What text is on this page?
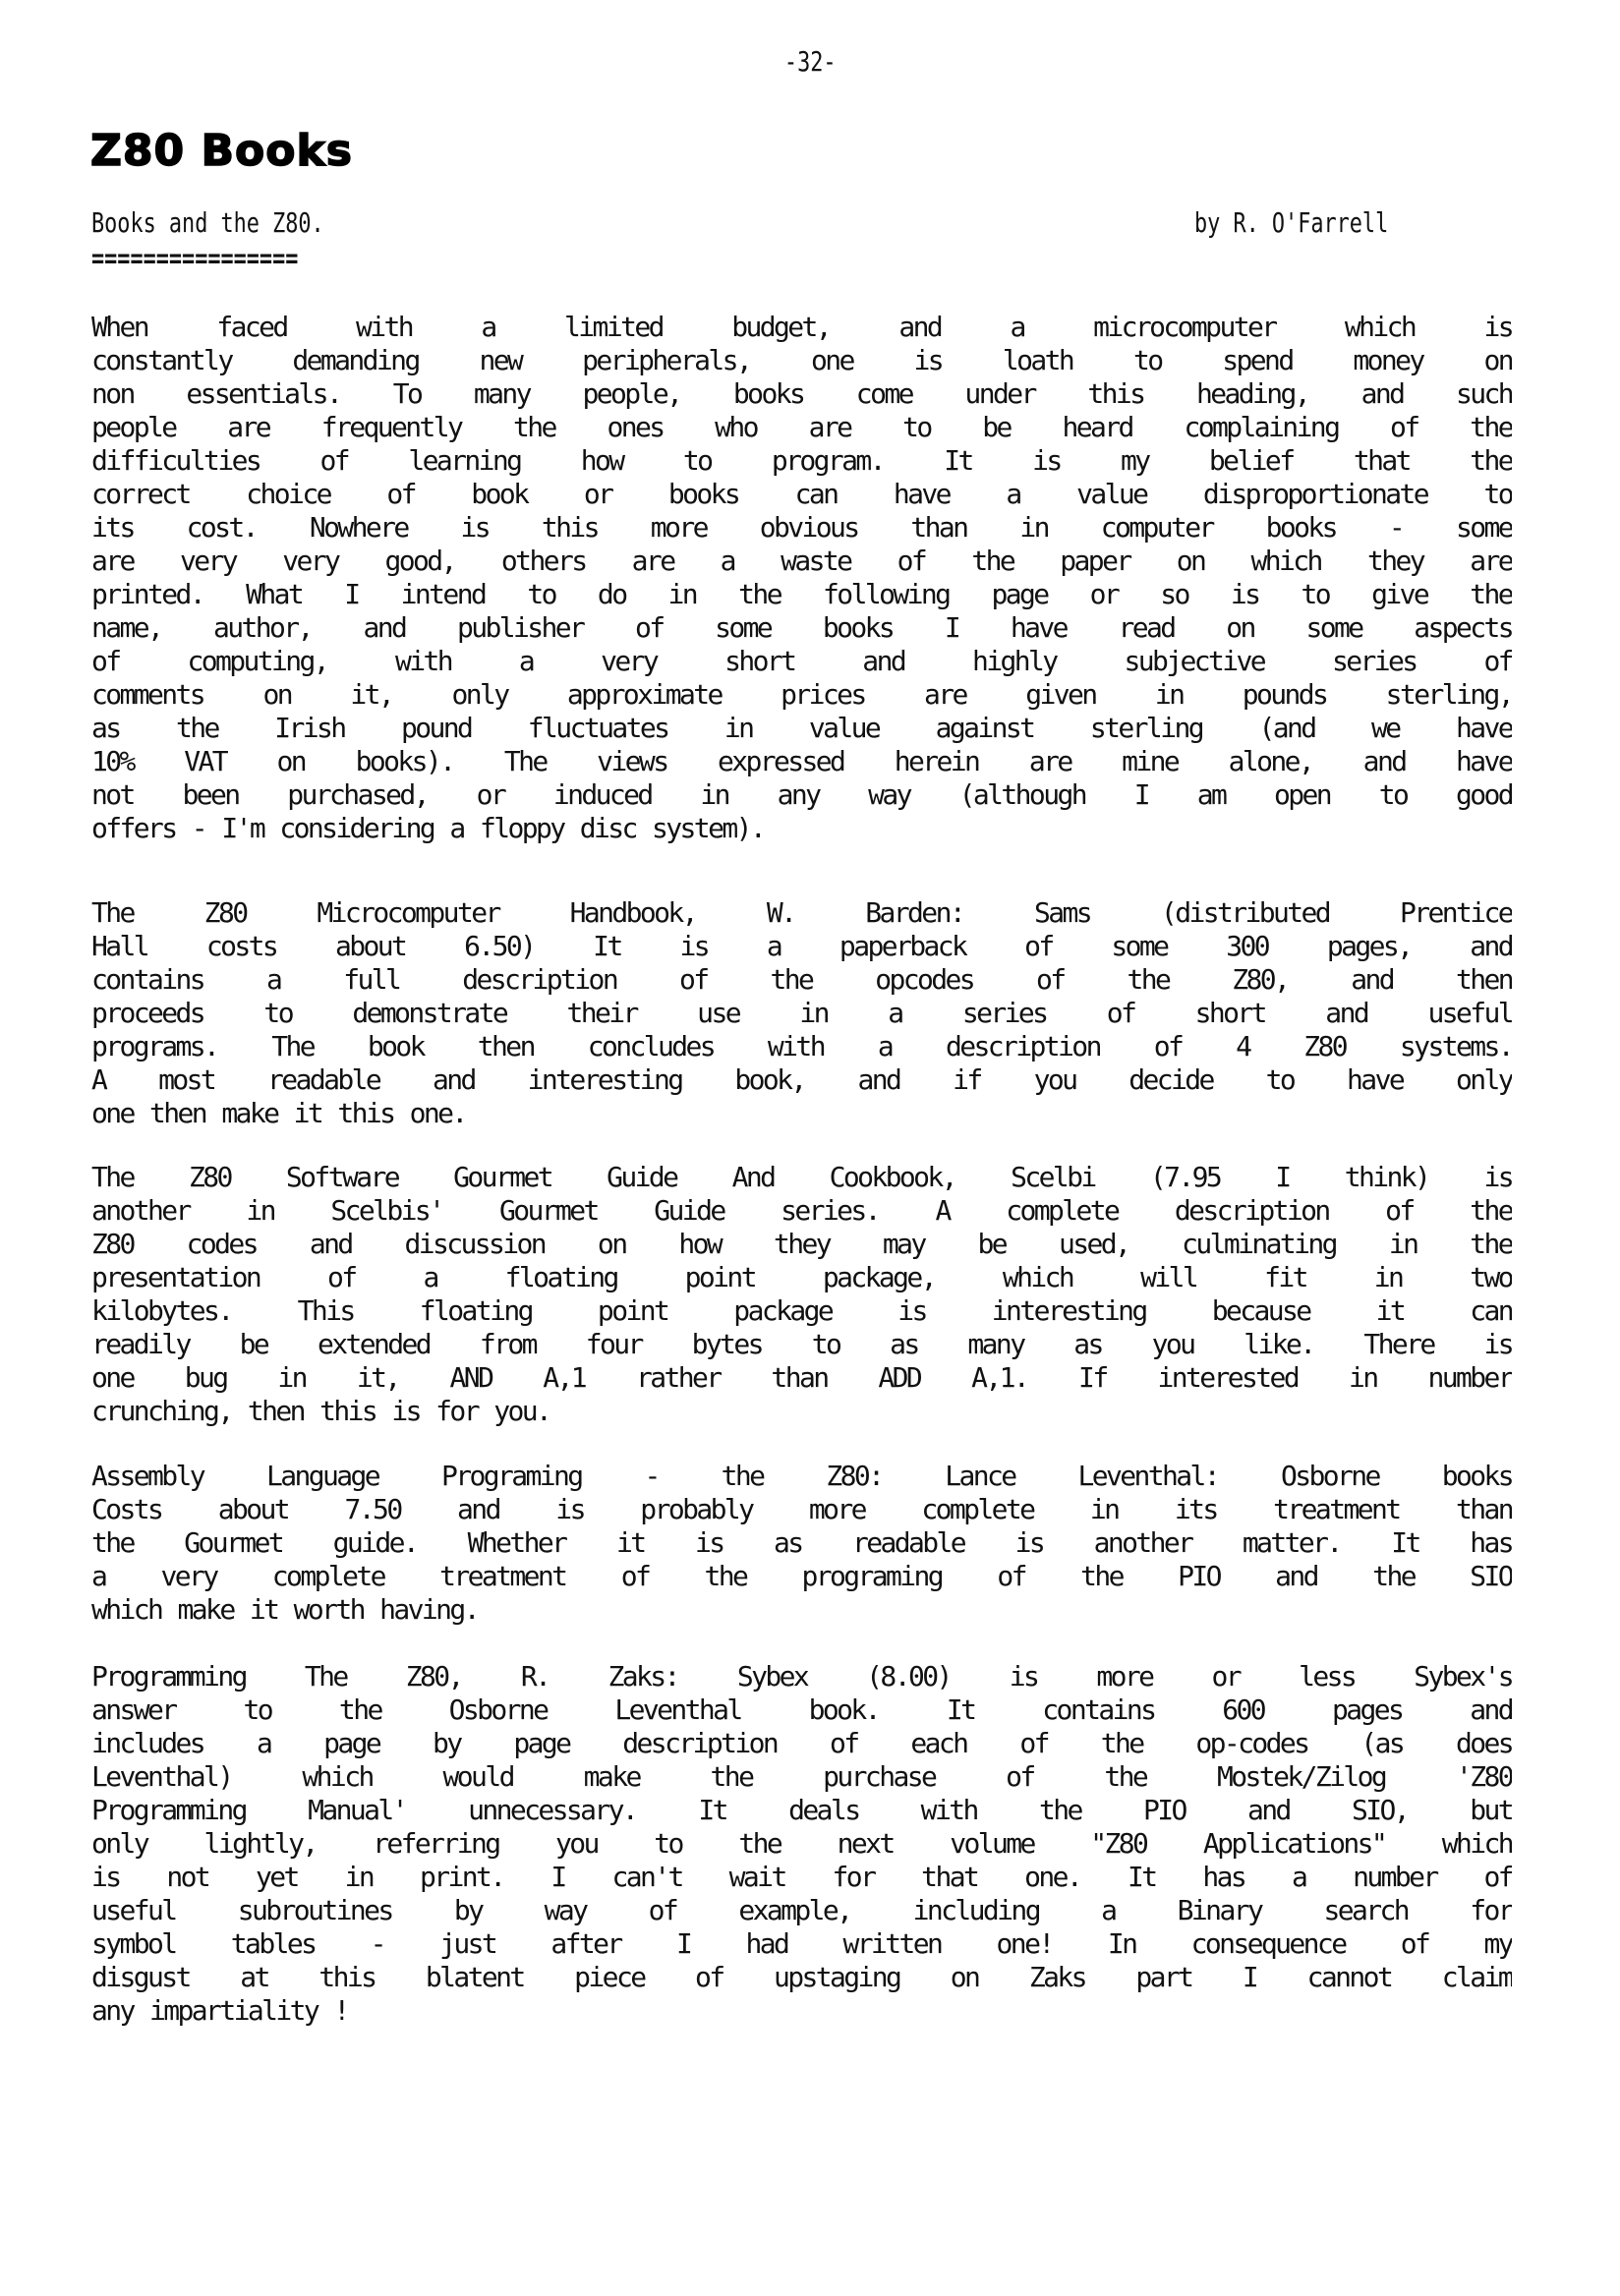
-32-
Z80 Books
Books and the Z80.	by R. O'Farrell
================
When faced with a limited budget, and a microcomputer which is
constantly demanding new peripherals, one is loath to spend money on
non essentials. To many people, books come under this heading, and such
people are frequently the ones who are to be heard complaining of the
difficulties of learning how to program. It is my belief that the
correct choice of book or books can have a value disproportionate to
its cost. Nowhere is this more obvious than in computer books - some
are very very good, others are a waste of the paper on which they are
printed. What I intend to do in the following page or so is to give the
name, author, and publisher of some books I have read on some aspects
of computing, with a very short and highly subjective series of
comments on it, only approximate prices are given in pounds sterling,
as the Irish pound fluctuates in value against sterling (and we have
10% VAT on books). The views expressed herein are mine alone, and have
not been purchased, or induced in any way (although I am open to good
offers - I'm considering a floppy disc system).
The Z80 Microcomputer Handbook, W. Barden: Sams (distributed Prentice
Hall costs about 6.50) It is a paperback of some 300 pages, and
contains a full description of the opcodes of the Z80, and then
proceeds to demonstrate their use in a series of short and useful
programs. The book then concludes with a description of 4 Z80 systems.
A most readable and interesting book, and if you decide to have only
one then make it this one.
The Z80 Software Gourmet Guide And Cookbook, Scelbi (7.95 I think) is
another in Scelbis' Gourmet Guide series. A complete description of the
Z80 codes and discussion on how they may be used, culminating in the
presentation of a floating point package, which will fit in two
kilobytes. This floating point package is interesting because it can
readily be extended from four bytes to as many as you like. There is
one bug in it, AND A,1 rather than ADD A,1. If interested in number
crunching, then this is for you.
Assembly Language Programing - the Z80: Lance Leventhal: Osborne books
Costs about 7.50 and is probably more complete in its treatment than
the Gourmet guide. Whether it is as readable is another matter. It has
a very complete treatment of the programing of the PIO and the SIO
which make it worth having.
Programming The Z80, R. Zaks: Sybex (8.00) is more or less Sybex's
answer to the Osborne Leventhal book. It contains 600 pages and
includes a page by page description of each of the op-codes (as does
Leventhal) which would make the purchase of the Mostek/Zilog 'Z80
Programming Manual' unnecessary. It deals with the PIO and SIO, but
only lightly, referring you to the next volume "Z80 Applications" which
is not yet in print. I can't wait for that one. It has a number of
useful subroutines by way of example, including a Binary search for
symbol tables - just after I had written one! In consequence of my
disgust at this blatent piece of upstaging on Zaks part I cannot claim
any impartiality !
